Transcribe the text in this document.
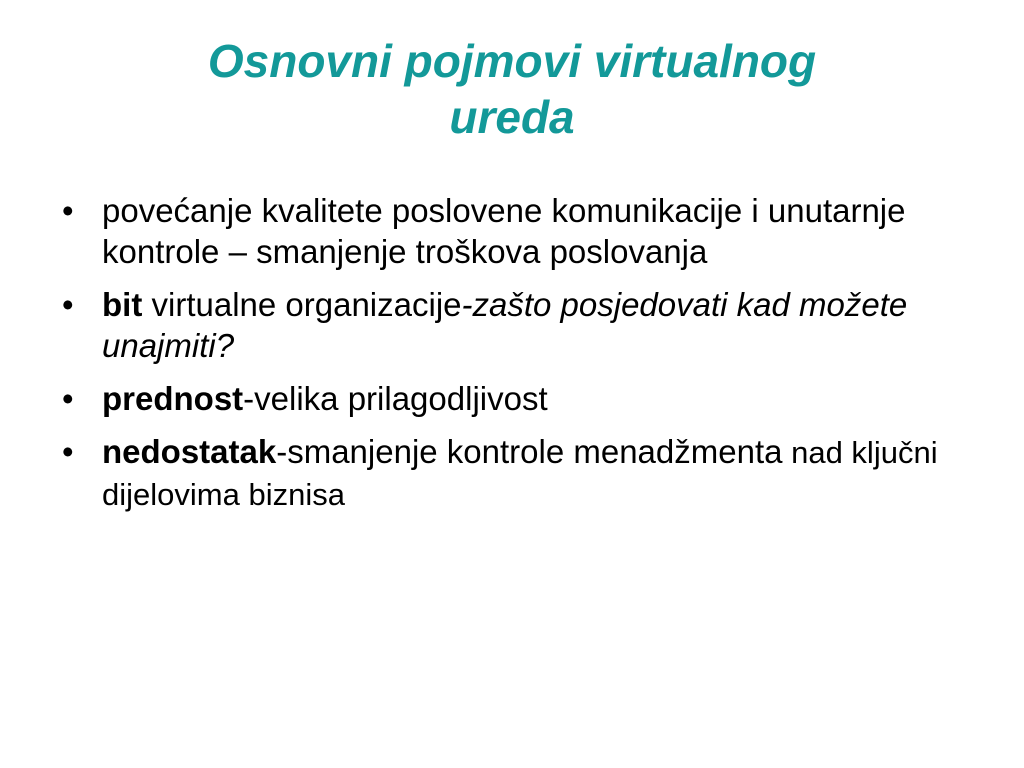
Osnovni pojmovi virtualnog
ureda
• povećanje kvalitete poslovene komunikacije i unutarnje kontrole – smanjenje troškova poslovanja
• bit virtualne organizacije-zašto posjedovati kad možete unajmiti?
• prednost-velika prilagodljivost
• nedostatak-smanjenje kontrole menadžmenta nad ključni dijelovima biznisa
